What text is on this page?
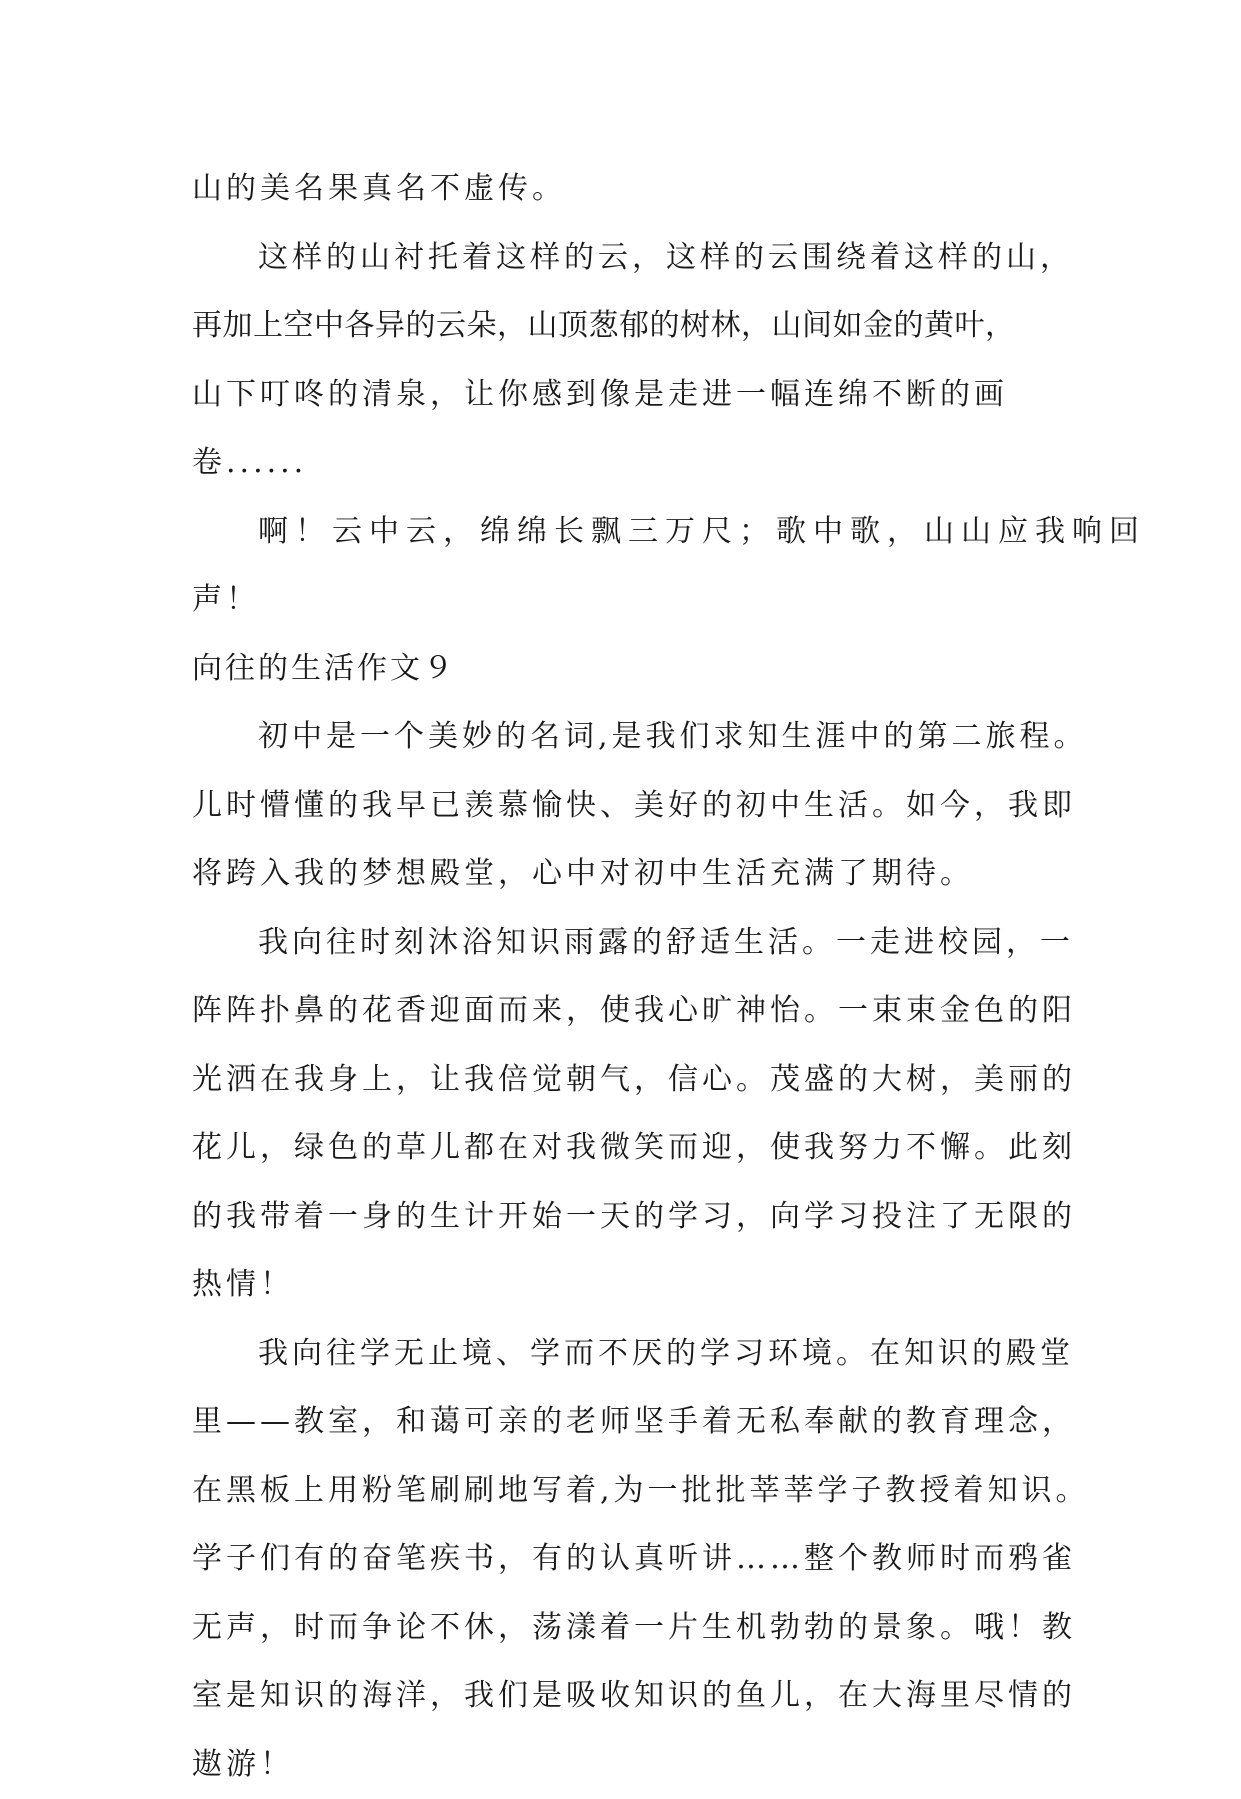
山的美名果真名不虚传。
这样的山衬托着这样的云，这样的云围绕着这样的山，
再加上空中各异的云朵，山顶葱郁的树林，山间如金的黄叶，
山下叮咚的清泉，让你感到像是走进一幅连绵不断的画
卷......
啊！云中云，绵绵长飘三万尺；歌中歌，山山应我响回
声！
向往的生活作文９
初中是一个美妙的名词,是我们求知生涯中的第二旅程。
儿时懵懂的我早已羡慕愉快、美好的初中生活。如今，我即
将跨入我的梦想殿堂，心中对初中生活充满了期待。
我向往时刻沐浴知识雨露的舒适生活。一走进校园，一
阵阵扑鼻的花香迎面而来，使我心旷神怡。一束束金色的阳
光洒在我身上，让我倍觉朝气，信心。茂盛的大树，美丽的
花儿，绿色的草儿都在对我微笑而迎，使我努力不懈。此刻
的我带着一身的生计开始一天的学习，向学习投注了无限的
热情！
我向往学无止境、学而不厌的学习环境。在知识的殿堂
里——教室，和蔼可亲的老师坚手着无私奉献的教育理念，
在黑板上用粉笔刷刷地写着,为一批批莘莘学子教授着知识。
学子们有的奋笔疾书，有的认真听讲……整个教师时而鸦雀
无声，时而争论不休，荡漾着一片生机勃勃的景象。哦！教
室是知识的海洋，我们是吸收知识的鱼儿，在大海里尽情的
遨游！
